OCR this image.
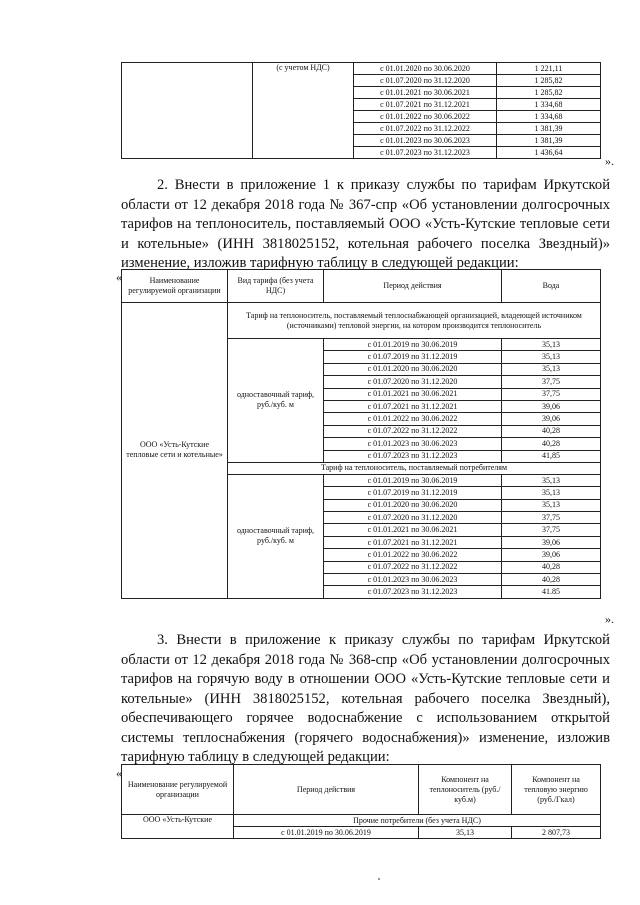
	(с учетом НДС)	с 01.01.2020 по 30.06.2020	1 221,11
		с 01.07.2020 по 31.12.2020	1 285,82
		с 01.01.2021 по 30.06.2021	1 285,82
		с 01.07.2021 по 31.12.2021	1 334,68
		с 01.01.2022 по 30.06.2022	1 334,68
		с 01.07.2022 по 31.12.2022	1 381,39
		с 01.01.2023 по 30.06.2023	1 381,39
		с 01.07.2023 по 31.12.2023	1 436,64
».
2. Внести в приложение 1 к приказу службы по тарифам Иркутской
области от 12 декабря 2018 года № 367-спр «Об установлении долгосрочных
тарифов на теплоноситель, поставляемый ООО «Усть-Кутские тепловые сети
и котельные» (ИНН 3818025152, котельная рабочего поселка Звездный)»
изменение, изложив тарифную таблицу в следующей редакции:
«	Наименование регулируемой организации	Вид тарифа (без учета НДС)	Период действия	Вода
ООО «Усть-Кутские тепловые сети и котельные»	Тариф на теплоноситель, поставляемый теплоснабжающей организацией, владеющей источником (источниками) тепловой энергии, на котором производится теплоноситель		
	одноставочный тариф, руб./куб. м	с 01.01.2019 по 30.06.2019	35,13
		с 01.07.2019 по 31.12.2019	35,13
		с 01.01.2020 по 30.06.2020	35,13
		с 01.07.2020 по 31.12.2020	37,75
		с 01.01.2021 по 30.06.2021	37,75
		с 01.07.2021 по 31.12.2021	39,06
		с 01.01.2022 по 30.06.2022	39,06
		с 01.07.2022 по 31.12.2022	40,28
		с 01.01.2023 по 30.06.2023	40,28
		с 01.07.2023 по 31.12.2023	41,85
	Тариф на теплоноситель, поставляемый потребителям		
	одноставочный тариф, руб./куб. м	с 01.01.2019 по 30.06.2019	35,13
		с 01.07.2019 по 31.12.2019	35,13
		с 01.01.2020 по 30.06.2020	35,13
		с 01.07.2020 по 31.12.2020	37,75
		с 01.01.2021 по 30.06.2021	37,75
		с 01.07.2021 по 31.12.2021	39,06
		с 01.01.2022 по 30.06.2022	39,06
		с 01.07.2022 по 31.12.2022	40,28
		с 01.01.2023 по 30.06.2023	40,28
		с 01.07.2023 по 31.12.2023	41.85
».
3. Внести в приложение к приказу службы по тарифам Иркутской
области от 12 декабря 2018 года № 368-спр «Об установлении долгосрочных
тарифов на горячую воду в отношении ООО «Усть-Кутские тепловые сети и
котельные» (ИНН 3818025152, котельная рабочего поселка Звездный),
обеспечивающего горячее водоснабжение с использованием открытой
системы теплоснабжения (горячего водоснабжения)» изменение, изложив
тарифную таблицу в следующей редакции:
«
Наименование регулируемой организации	Период действия	Компонент на теплоноситель (руб./куб.м)	Компонент на тепловую энергию (руб./Гкал)
ООО «Усть-Кутские	Прочие потребители (без учета НДС)		
	с 01.01.2019 по 30.06.2019	35,13	2 807,73
